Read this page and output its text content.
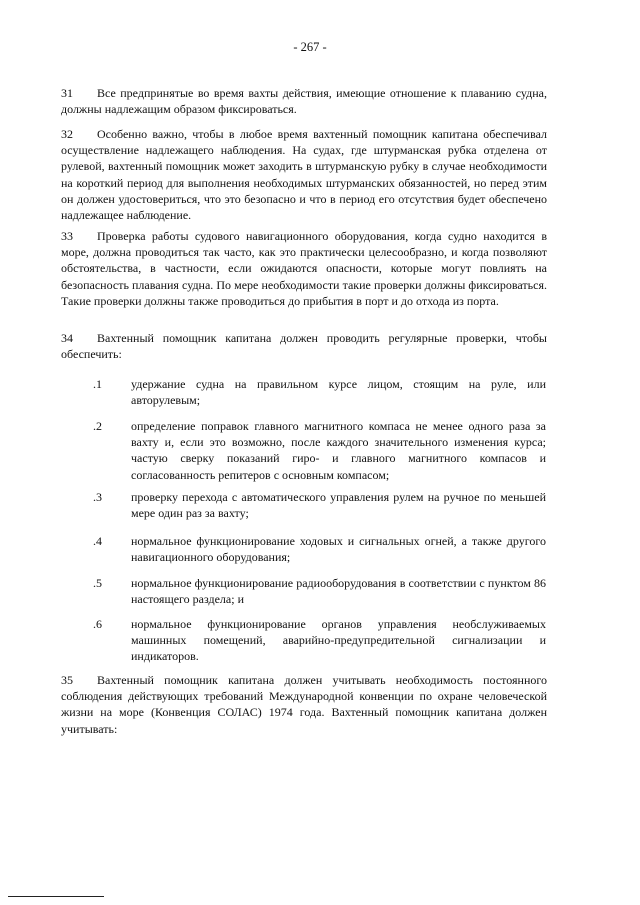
- 267 -

31 Все предпринятые во время вахты действия, имеющие отношение к плаванию судна, должны надлежащим образом фиксироваться.

32 Особенно важно, чтобы в любое время вахтенный помощник капитана обеспечивал осуществление надлежащего наблюдения. На судах, где штурманская рубка отделена от рулевой, вахтенный помощник может заходить в штурманскую рубку в случае необходимости на короткий период для выполнения необходимых штурманских обязанностей, но перед этим он должен удостовериться, что это безопасно и что в период его отсутствия будет обеспечено надлежащее наблюдение.

33 Проверка работы судового навигационного оборудования, когда судно находится в море, должна проводиться так часто, как это практически целесообразно, и когда позволяют обстоятельства, в частности, если ожидаются опасности, которые могут повлиять на безопасность плавания судна. По мере необходимости такие проверки должны фиксироваться. Такие проверки должны также проводиться до прибытия в порт и до отхода из порта.

34 Вахтенный помощник капитана должен проводить регулярные проверки, чтобы обеспечить:

.1	удержание судна на правильном курсе лицом, стоящим на руле, или авторулевым;
.2	определение поправок главного магнитного компаса не менее одного раза за вахту и, если это возможно, после каждого значительного изменения курса; частую сверку показаний гиро- и главного магнитного компасов и согласованность репитеров с основным компасом;
.3	проверку перехода с автоматического управления рулем на ручное по меньшей мере один раз за вахту;
.4	нормальное функционирование ходовых и сигнальных огней, а также другого навигационного оборудования;
.5	нормальное функционирование радиооборудования в соответствии с пунктом 86 настоящего раздела; и
.6	нормальное функционирование органов управления необслуживаемых машинных помещений, аварийно-предупредительной сигнализации и индикаторов.

35 Вахтенный помощник капитана должен учитывать необходимость постоянного соблюдения действующих требований Международной конвенции по охране человеческой жизни на море (Конвенция СОЛАС) 1974 года. Вахтенный помощник капитана должен учитывать:
